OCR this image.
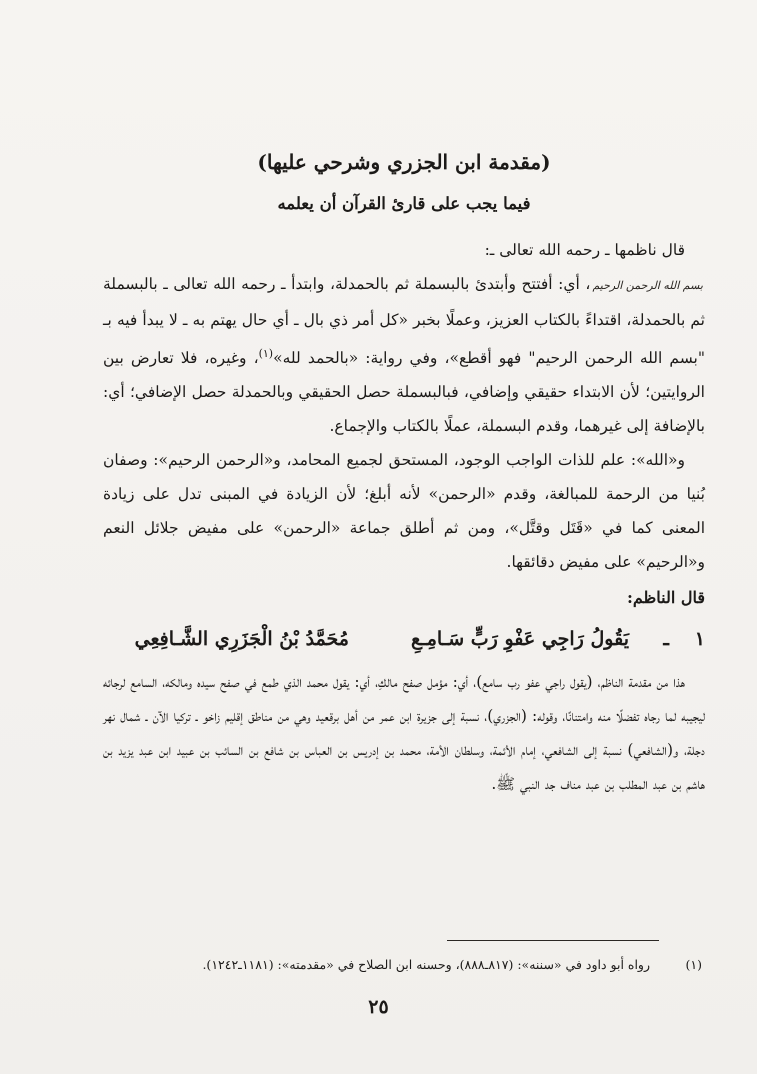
(مقدمة ابن الجزري وشرحي عليها)
فيما يجب على قارئ القرآن أن يعلمه

قال ناظمها ـ رحمه الله تعالى ـ:

بسم الله الرحمن الرحيم، أي: أفتتح وأبتدئ بالبسملة ثم بالحمدلة، وابتدأ ـ رحمه الله تعالى ـ بالبسملة ثم بالحمدلة، اقتداءً بالكتاب العزيز، وعملًا بخبر «كل أمر ذي بال ـ أي حال يهتم به ـ لا يبدأ فيه بـ "بسم الله الرحمن الرحيم" فهو أقطع»، وفي رواية: «بالحمد لله»$^{(١)}$، وغيره، فلا تعارض بين الروايتين؛ لأن الابتداء حقيقي وإضافي، فبالبسملة حصل الحقيقي وبالحمدلة حصل الإضافي؛ أي: بالإضافة إلى غيرهما، وقدم البسملة، عملًا بالكتاب والإجماع.

و«الله»: علم للذات الواجب الوجود، المستحق لجميع المحامد، و«الرحمن الرحيم»: وصفان بُنيا من الرحمة للمبالغة، وقدم «الرحمن» لأنه أبلغ؛ لأن الزيادة في المبنى تدل على زيادة المعنى كما في «قَتَل وقتَّل»، ومن ثم أطلق جماعة «الرحمن» على مفيض جلائل النعم و«الرحيم» على مفيض دقائقها.

قال الناظم:

١
ـ
يَقُولُ رَاجِي عَفْوِ رَبٍّ سَـامِـعِ
مُحَمَّدُ بْنُ الْجَزَرِي الشَّـافِعِي

هذا من مقدمة الناظم، (يقول راجي عفو رب سامع)، أي: مؤمل صفح مالكِ، أي: يقول محمد الذي طمع في صفح سيده ومالكه، السامع لرجائه ليجيبه لما رجاه تفضلًا منه وامتنانًا، وقوله: (الجزري)، نسبة إلى جزيرة ابن عمر من أهل برقعيد وهي من مناطق إقليم زاخو ـ تركيا الآن ـ شمال نهر دجلة، و(الشافعي) نسبة إلى الشافعي، إمام الأئمة، وسلطان الأمة، محمد بن إدريس بن العباس بن شافع بن السائب بن عبيد ابن عبد يزيد بن هاشم بن عبد المطلب بن عبد مناف جد النبي ﷺ.

(١)رواه أبو داود في «سننه»: (٨١٧ـ٨٨٨)، وحسنه ابن الصلاح في «مقدمته»: (١١٨١ـ١٢٤٢).
٢٥
